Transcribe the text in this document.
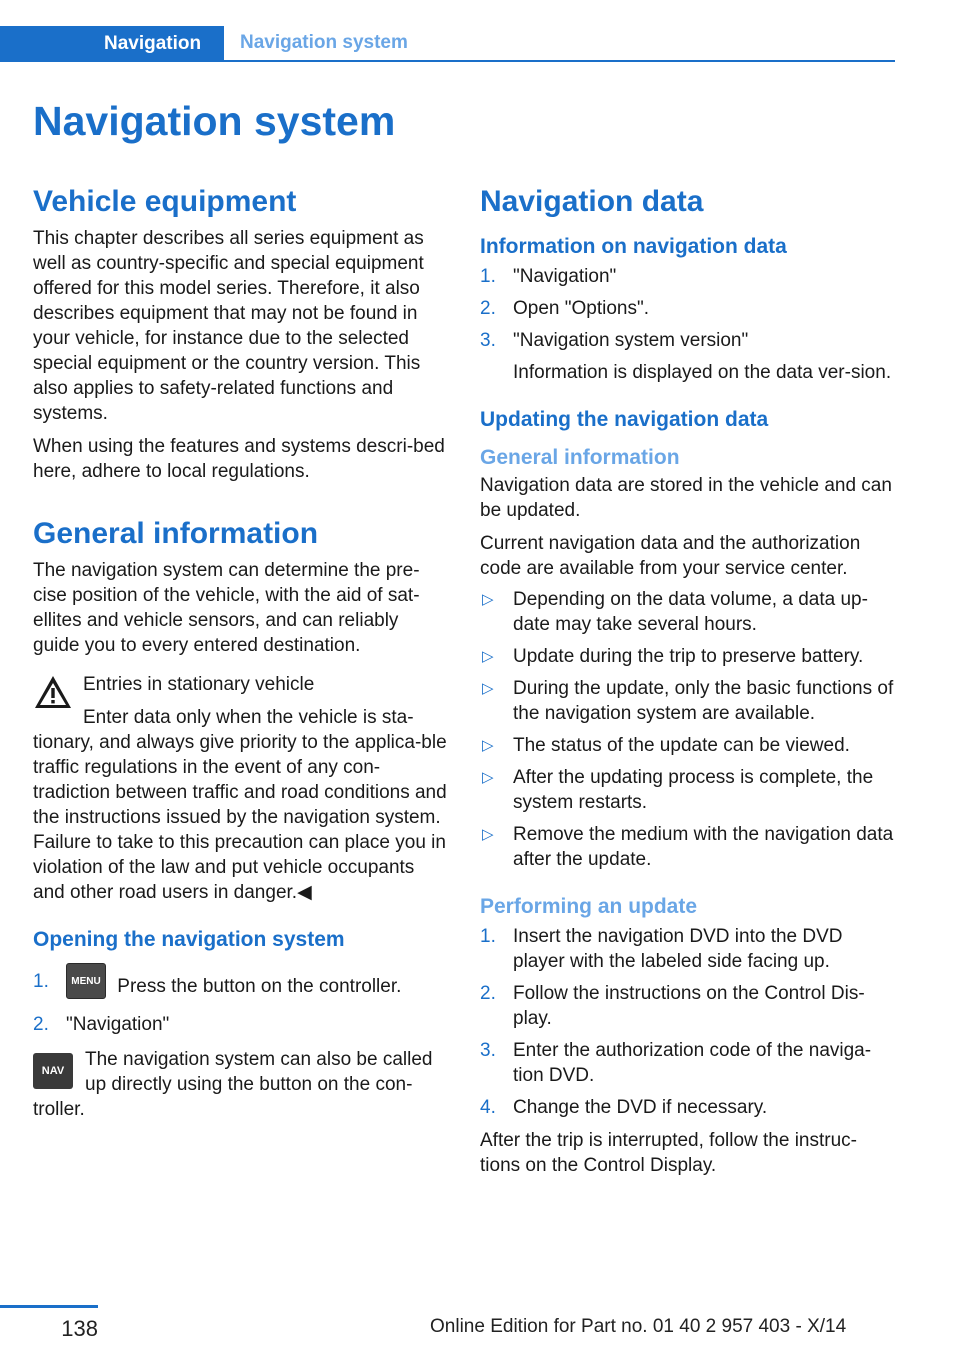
Navigation	Navigation system
Navigation system
Vehicle equipment

This chapter describes all series equipment as well as country-specific and special equipment offered for this model series. Therefore, it also describes equipment that may not be found in your vehicle, for instance due to the selected special equipment or the country version. This also applies to safety-related functions and systems.

When using the features and systems descri-bed here, adhere to local regulations.

General information

The navigation system can determine the pre-cise position of the vehicle, with the aid of sat-ellites and vehicle sensors, and can reliably guide you to every entered destination.

Entries in stationary vehicle

Enter data only when the vehicle is sta-

tionary, and always give priority to the applica-ble traffic regulations in the event of any con-tradiction between traffic and road conditions and the instructions issued by the navigation system. Failure to take to this precaution can place you in violation of the law and put vehicle occupants and other road users in danger.◀

Opening the navigation system
1. MENU Press the button on the controller.
2. "Navigation"
NAV

The navigation system can also be called up directly using the button on the con-

troller.

Navigation data
Information on navigation data
1. "Navigation"
2. Open "Options".
3. "Navigation system version"

Information is displayed on the data ver-sion.

Updating the navigation data
General information

Navigation data are stored in the vehicle and can be updated.

Current navigation data and the authorization code are available from your service center.

▷ Depending on the data volume, a data up-date may take several hours.
▷ Update during the trip to preserve battery.
▷ During the update, only the basic functions of the navigation system are available.
▷ The status of the update can be viewed.
▷ After the updating process is complete, the system restarts.
▷ Remove the medium with the navigation data after the update.
Performing an update
1. Insert the navigation DVD into the DVD player with the labeled side facing up.
2. Follow the instructions on the Control Dis-play.
3. Enter the authorization code of the naviga-tion DVD.
4. Change the DVD if necessary.

After the trip is interrupted, follow the instruc-tions on the Control Display.

138	Online Edition for Part no. 01 40 2 957 403 - X/14
